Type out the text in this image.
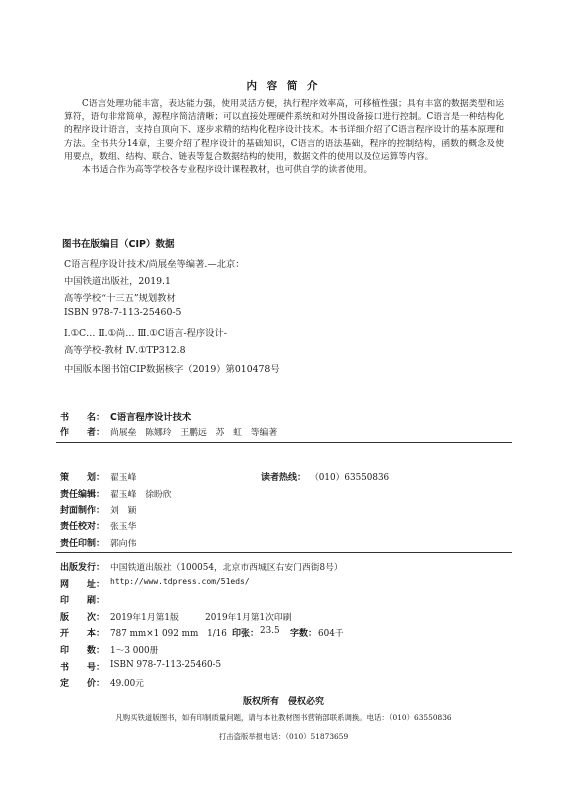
内 容 简 介

C语言处理功能丰富，表达能力强，使用灵活方便，执行程序效率高，可移植性强；具有丰富的数据类型和运算符，语句非常简单，源程序简洁清晰；可以直接处理硬件系统和对外围设备接口进行控制。C语言是一种结构化的程序设计语言，支持自顶向下、逐步求精的结构化程序设计技术。本书详细介绍了C语言程序设计的基本原理和方法。全书共分14章，主要介绍了程序设计的基础知识，C语言的语法基础，程序的控制结构，函数的概念及使用要点，数组、结构、联合、链表等复合数据结构的使用，数据文件的使用以及位运算等内容。

本书适合作为高等学校各专业程序设计课程教材，也可供自学的读者使用。

图书在版编目（CIP）数据
C语言程序设计技术/尚展垒等编著.—北京：
中国铁道出版社，2019.1
高等学校“十三五”规划教材
ISBN 978-7-113-25460-5
Ⅰ.①C… Ⅱ.①尚… Ⅲ.①C语言-程序设计-
高等学校-教材 Ⅳ.①TP312.8
中国版本图书馆CIP数据核字（2019）第010478号
书　　名： C语言程序设计技术
作　　者： 尚展垒　陈娜玲　王鹏远　苏　虹　等编著
策　　划： 翟玉峰	读者热线： （010）63550836
责任编辑： 翟玉峰　徐盼欣
封面制作： 刘　颖
责任校对： 张玉华
责任印制： 郭向伟
出版发行： 中国铁道出版社（100054，北京市西城区右安门西街8号）
网　　址： http://www.tdpress.com/51eds/
印　　刷：
版　　次： 2019年1月第1版　　　2019年1月第1次印刷
开　　本： 787 mm×1 092 mm　1/16 印张： 23.5 字数： 604千
印　　数： 1～3 000册
书　　号： ISBN 978-7-113-25460-5
定　　价： 49.00元
版权所有　侵权必究
凡购买铁道版图书，如有印制质量问题，请与本社教材图书营销部联系调换。电话：（010）63550836
打击盗版举报电话：（010）51873659
